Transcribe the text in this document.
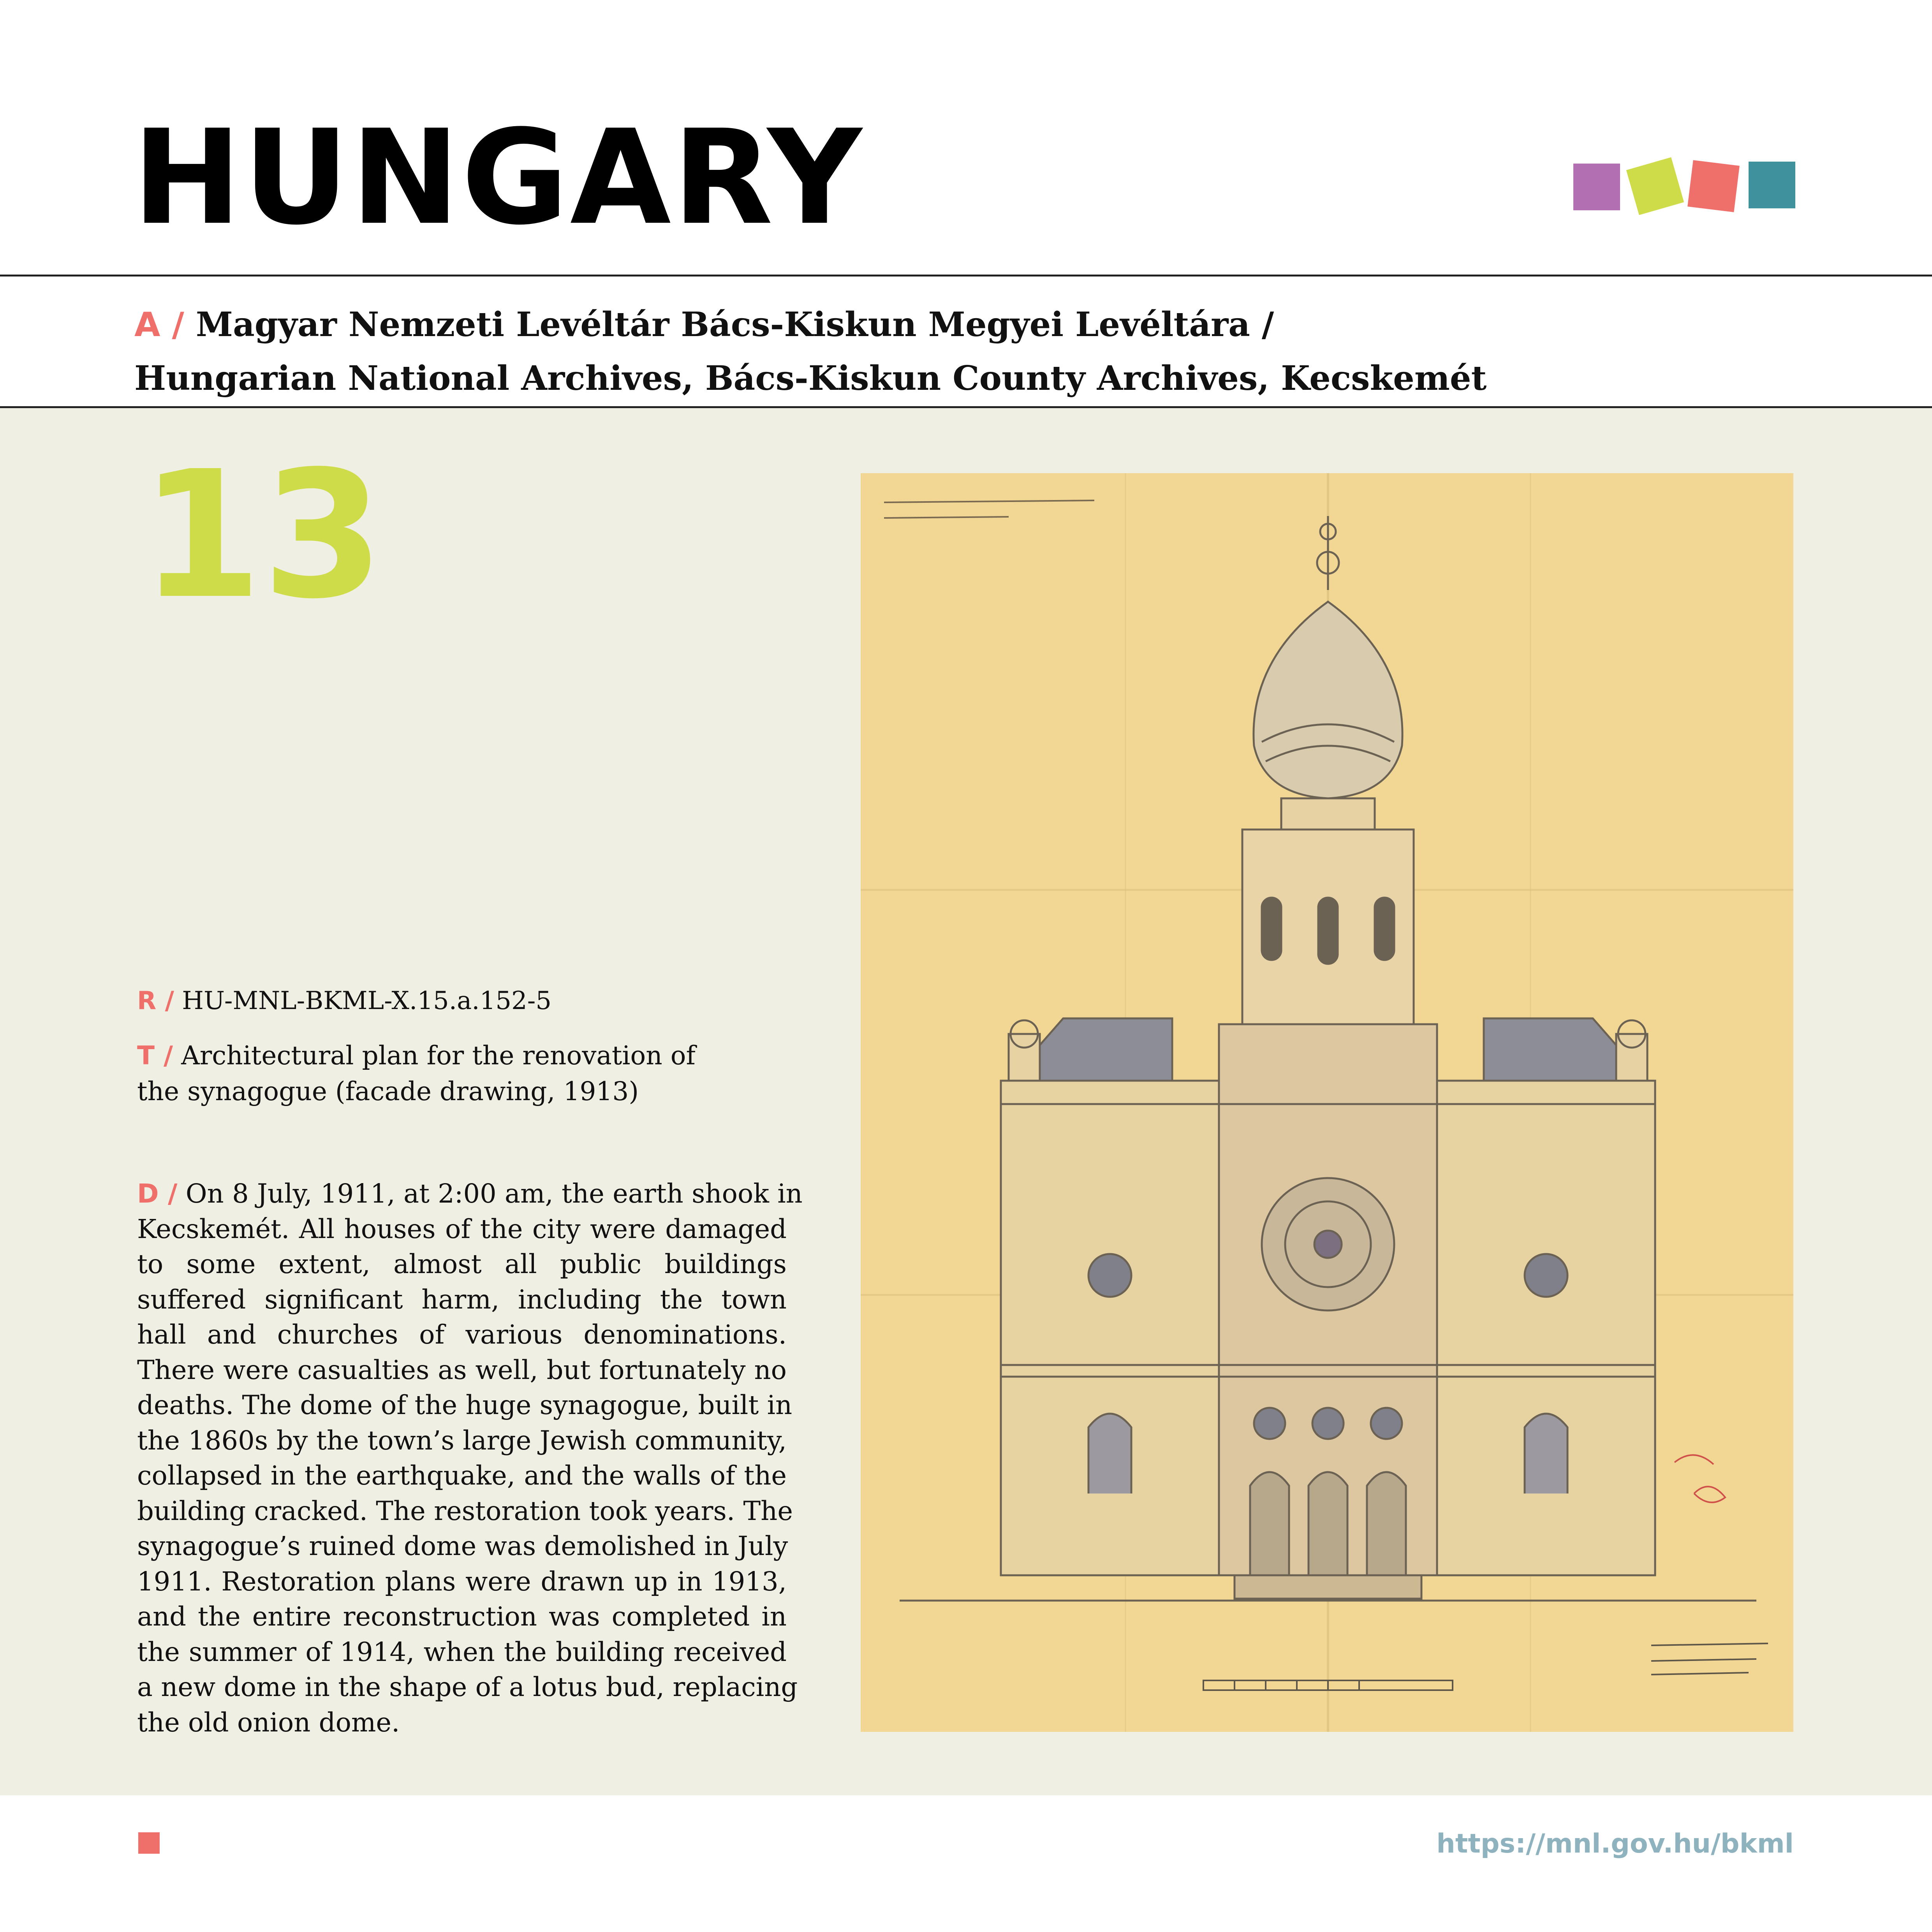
HUNGARY
A / Magyar Nemzeti Levéltár Bács-Kiskun Megyei Levéltára /
Hungarian National Archives, Bács-Kiskun County Archives, Kecskemét
13
R / HU-MNL-BKML-X.15.a.152-5
T / Architectural plan for the renovation of
the synagogue (facade drawing, 1913)
D / On 8 July, 1911, at 2:00 am, the earth shook in
Kecskemét. All houses of the city were damaged
to some extent, almost all public buildings
suffered significant harm, including the town
hall and churches of various denominations.
There were casualties as well, but fortunately no
deaths. The dome of the huge synagogue, built in
the 1860s by the town’s large Jewish community,
collapsed in the earthquake, and the walls of the
building cracked. The restoration took years. The
synagogue’s ruined dome was demolished in July
1911. Restoration plans were drawn up in 1913,
and the entire reconstruction was completed in
the summer of 1914, when the building received
a new dome in the shape of a lotus bud, replacing
the old onion dome.
https://mnl.gov.hu/bkml
